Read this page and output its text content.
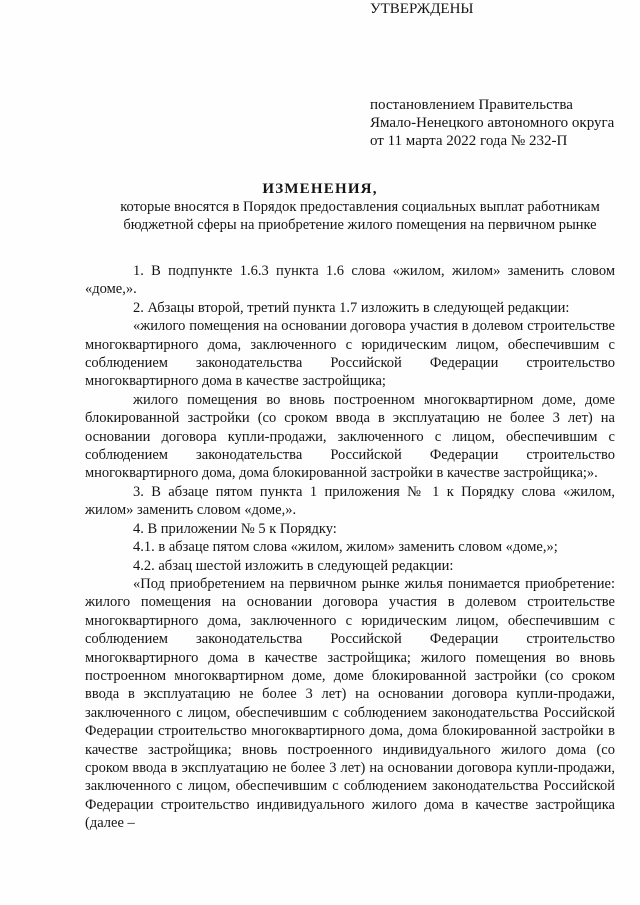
УТВЕРЖДЕНЫ
постановлением Правительства
Ямало-Ненецкого автономного округа
от 11 марта 2022 года № 232-П
ИЗМЕНЕНИЯ,
которые вносятся в Порядок предоставления социальных выплат работникам бюджетной сферы на приобретение жилого помещения на первичном рынке

1. В подпункте 1.6.3 пункта 1.6 слова «жилом, жилом» заменить словом «доме,».

2. Абзацы второй, третий пункта 1.7 изложить в следующей редакции:

«жилого помещения на основании договора участия в долевом строительстве многоквартирного дома, заключенного с юридическим лицом, обеспечившим с соблюдением законодательства Российской Федерации строительство многоквартирного дома в качестве застройщика;

жилого помещения во вновь построенном многоквартирном доме, доме блокированной застройки (со сроком ввода в эксплуатацию не более 3 лет) на основании договора купли-продажи, заключенного с лицом, обеспечившим с соблюдением законодательства Российской Федерации строительство многоквартирного дома, дома блокированной застройки в качестве застройщика;».

3. В абзаце пятом пункта 1 приложения № 1 к Порядку слова «жилом, жилом» заменить словом «доме,».

4. В приложении № 5 к Порядку:

4.1. в абзаце пятом слова «жилом, жилом» заменить словом «доме,»;

4.2. абзац шестой изложить в следующей редакции:

«Под приобретением на первичном рынке жилья понимается приобретение: жилого помещения на основании договора участия в долевом строительстве многоквартирного дома, заключенного с юридическим лицом, обеспечившим с соблюдением законодательства Российской Федерации строительство многоквартирного дома в качестве застройщика; жилого помещения во вновь построенном многоквартирном доме, доме блокированной застройки (со сроком ввода в эксплуатацию не более 3 лет) на основании договора купли-продажи, заключенного с лицом, обеспечившим с соблюдением законодательства Российской Федерации строительство многоквартирного дома, дома блокированной застройки в качестве застройщика; вновь построенного индивидуального жилого дома (со сроком ввода в эксплуатацию не более 3 лет) на основании договора купли-продажи, заключенного с лицом, обеспечившим с соблюдением законодательства Российской Федерации строительство индивидуального жилого дома в качестве застройщика (далее –
